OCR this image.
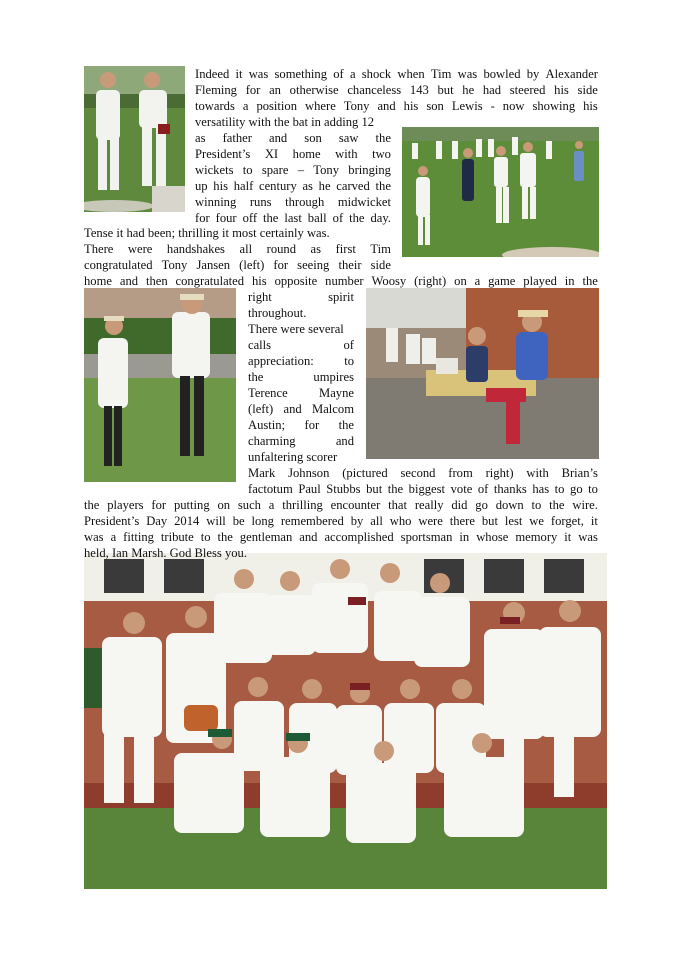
Indeed it was something of a shock when Tim was bowled by Alexander
Fleming for an otherwise chanceless 143 but he had steered his side
towards a position where Tony and his son Lewis - now showing his
versatility with the bat in adding 12
as father and son saw the
President’s XI home with two
wickets to spare – Tony bringing
up his half century as he carved the
winning runs through midwicket
for four off the last ball of the day.
Tense it had been; thrilling it most certainly was.
There were handshakes all round as first Tim
congratulated Tony Jansen (left) for seeing their side
home and then congratulated his opposite number Woosy (right) on a game played in the
right	spirit
throughout.
There were several
calls	of
appreciation: to
the	umpires
Terence Mayne
(left) and Malcom
Austin; for the
charming	and
unfaltering scorer
Mark Johnson (pictured second from right) with Brian’s
factotum Paul Stubbs but the biggest vote of thanks has to go to
the players for putting on such a thrilling encounter that really did go down to the wire.
President’s Day 2014 will be long remembered by all who were there but lest we forget, it
was a fitting tribute to the gentleman and accomplished sportsman in whose memory it was
held, Ian Marsh. God Bless you.
